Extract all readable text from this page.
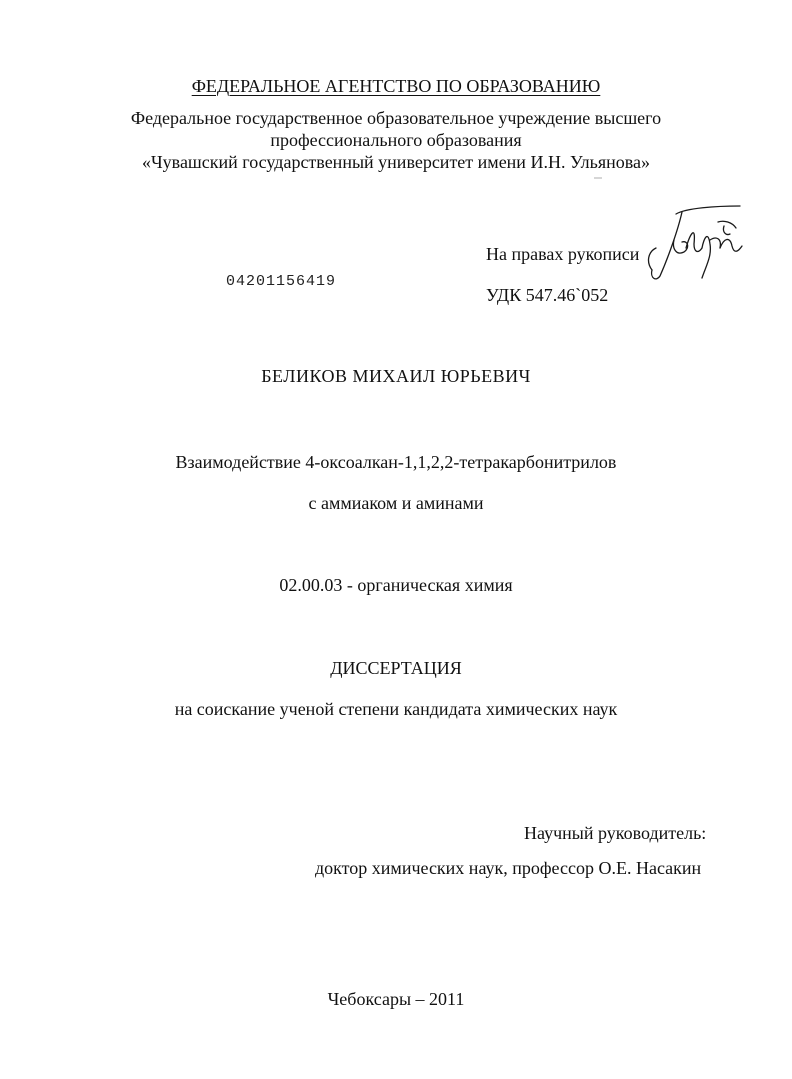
ФЕДЕРАЛЬНОЕ АГЕНТСТВО ПО ОБРАЗОВАНИЮ
Федеральное государственное образовательное учреждение высшего
профессионального образования
«Чувашский государственный университет имени И.Н. Ульянова»
На правах рукописи
04201156419
УДК 547.46`052
БЕЛИКОВ МИХАИЛ ЮРЬЕВИЧ
Взаимодействие 4-оксоалкан-1,1,2,2-тетракарбонитрилов
с аммиаком и аминами
02.00.03 - органическая химия
ДИССЕРТАЦИЯ
на соискание ученой степени кандидата химических наук
Научный руководитель:
доктор химических наук, профессор О.Е. Насакин
Чебоксары – 2011
